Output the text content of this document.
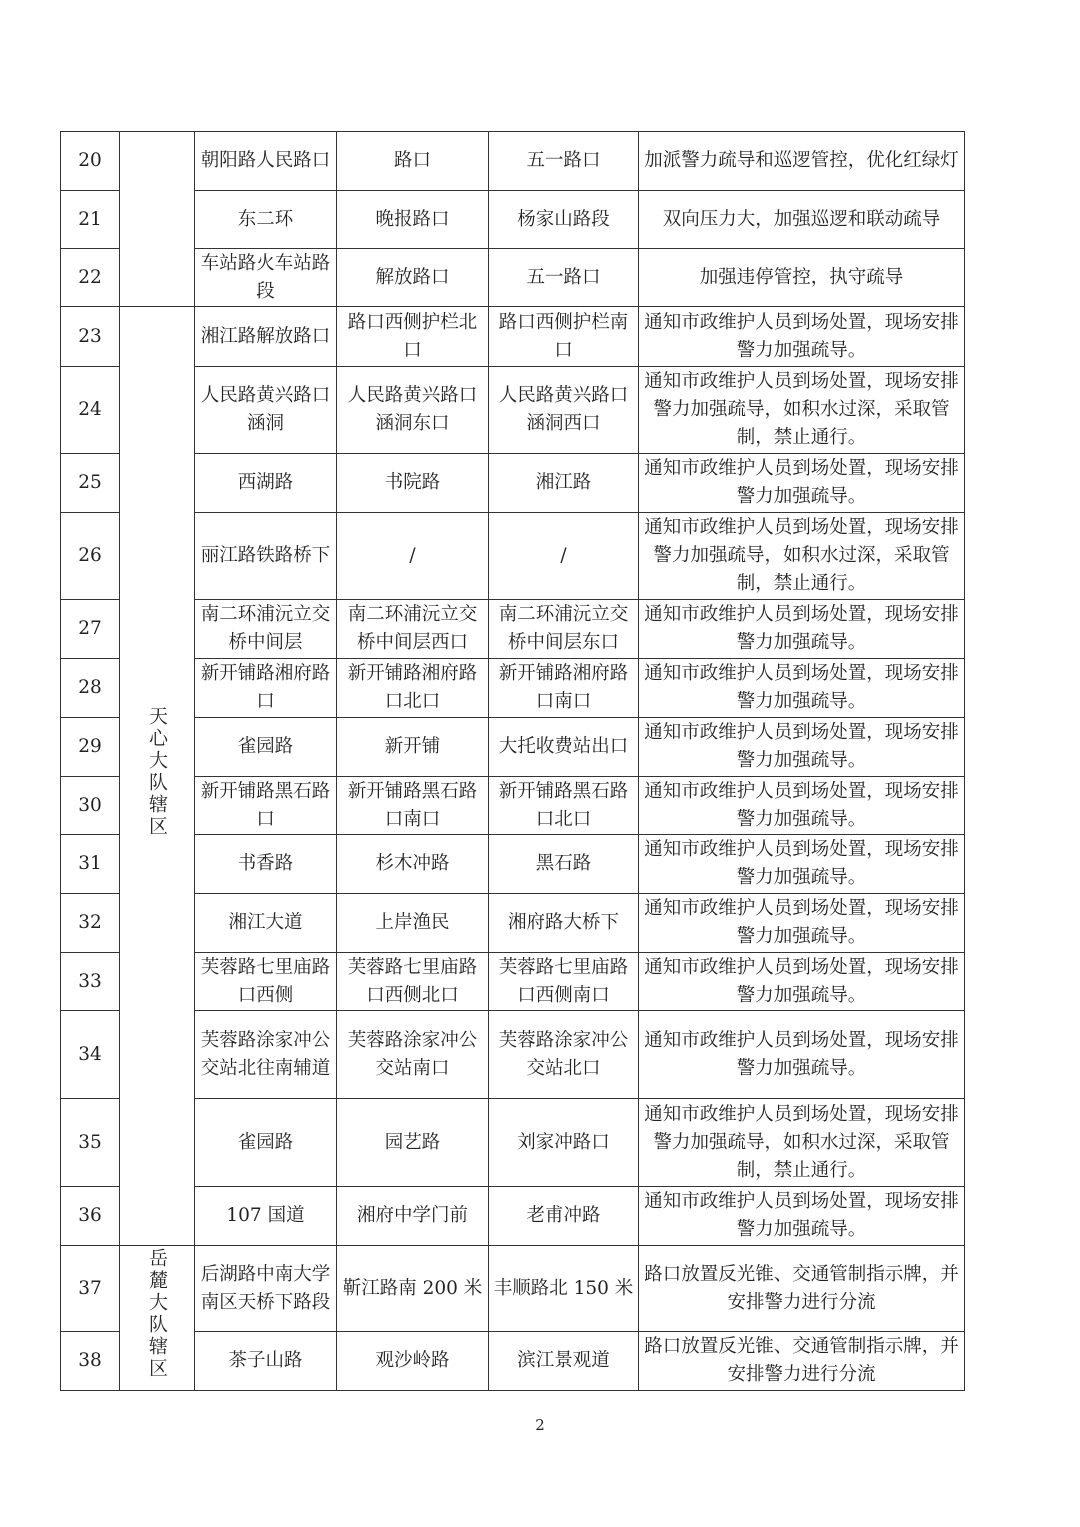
20		朝阳路人民路口	路口	五一路口	加派警力疏导和巡逻管控，优化红绿灯
21		东二环	晚报路口	杨家山路段	双向压力大，加强巡逻和联动疏导
22		车站路火车站路段	解放路口	五一路口	加强违停管控，执守疏导
23	天心大队辖区	湘江路解放路口	路口西侧护栏北口	路口西侧护栏南口	通知市政维护人员到场处置，现场安排警力加强疏导。
24		人民路黄兴路口涵洞	人民路黄兴路口涵洞东口	人民路黄兴路口涵洞西口	通知市政维护人员到场处置，现场安排警力加强疏导，如积水过深，采取管制，禁止通行。
25		西湖路	书院路	湘江路	通知市政维护人员到场处置，现场安排警力加强疏导。
26		丽江路铁路桥下	/	/	通知市政维护人员到场处置，现场安排警力加强疏导，如积水过深，采取管制，禁止通行。
27		南二环浦沅立交桥中间层	南二环浦沅立交桥中间层西口	南二环浦沅立交桥中间层东口	通知市政维护人员到场处置，现场安排警力加强疏导。
28		新开铺路湘府路口	新开铺路湘府路口北口	新开铺路湘府路口南口	通知市政维护人员到场处置，现场安排警力加强疏导。
29		雀园路	新开铺	大托收费站出口	通知市政维护人员到场处置，现场安排警力加强疏导。
30		新开铺路黑石路口	新开铺路黑石路口南口	新开铺路黑石路口北口	通知市政维护人员到场处置，现场安排警力加强疏导。
31		书香路	杉木冲路	黑石路	通知市政维护人员到场处置，现场安排警力加强疏导。
32		湘江大道	上岸渔民	湘府路大桥下	通知市政维护人员到场处置，现场安排警力加强疏导。
33		芙蓉路七里庙路口西侧	芙蓉路七里庙路口西侧北口	芙蓉路七里庙路口西侧南口	通知市政维护人员到场处置，现场安排警力加强疏导。
34		芙蓉路涂家冲公交站北往南辅道	芙蓉路涂家冲公交站南口	芙蓉路涂家冲公交站北口	通知市政维护人员到场处置，现场安排警力加强疏导。
35		雀园路	园艺路	刘家冲路口	通知市政维护人员到场处置，现场安排警力加强疏导，如积水过深，采取管制，禁止通行。
36		107 国道	湘府中学门前	老甫冲路	通知市政维护人员到场处置，现场安排警力加强疏导。
37	岳麓大队辖区	后湖路中南大学南区天桥下路段	靳江路南 200 米	丰顺路北 150 米	路口放置反光锥、交通管制指示牌，并安排警力进行分流
38		茶子山路	观沙岭路	滨江景观道	路口放置反光锥、交通管制指示牌，并安排警力进行分流
2
